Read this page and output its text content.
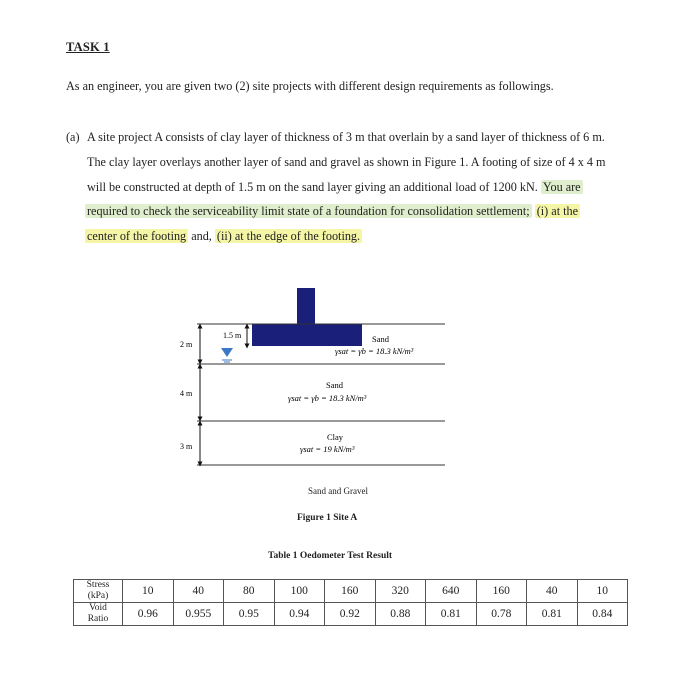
TASK 1
As an engineer, you are given two (2) site projects with different design requirements as followings.
(a) A site project A consists of clay layer of thickness of 3 m that overlain by a sand layer of thickness of 6 m.
The clay layer overlays another layer of sand and gravel as shown in Figure 1. A footing of size of 4 x 4 m
will be constructed at depth of 1.5 m on the sand layer giving an additional load of 1200 kN. You are
required to check the serviceability limit state of a foundation for consolidation settlement; (i) at the
center of the footing and, (ii) at the edge of the footing.
2 m
1.5 m
4 m
3 m
Sand
γsat = γb = 18.3 kN/m³
Sand
γsat = γb = 18.3 kN/m³
Clay
γsat = 19 kN/m³
Sand and Gravel
Figure 1 Site A
Table 1 Oedometer Test Result
Stress
(kPa)	10	40	80	100	160	320	640	160	40	10
Void
Ratio	0.96	0.955	0.95	0.94	0.92	0.88	0.81	0.78	0.81	0.84
